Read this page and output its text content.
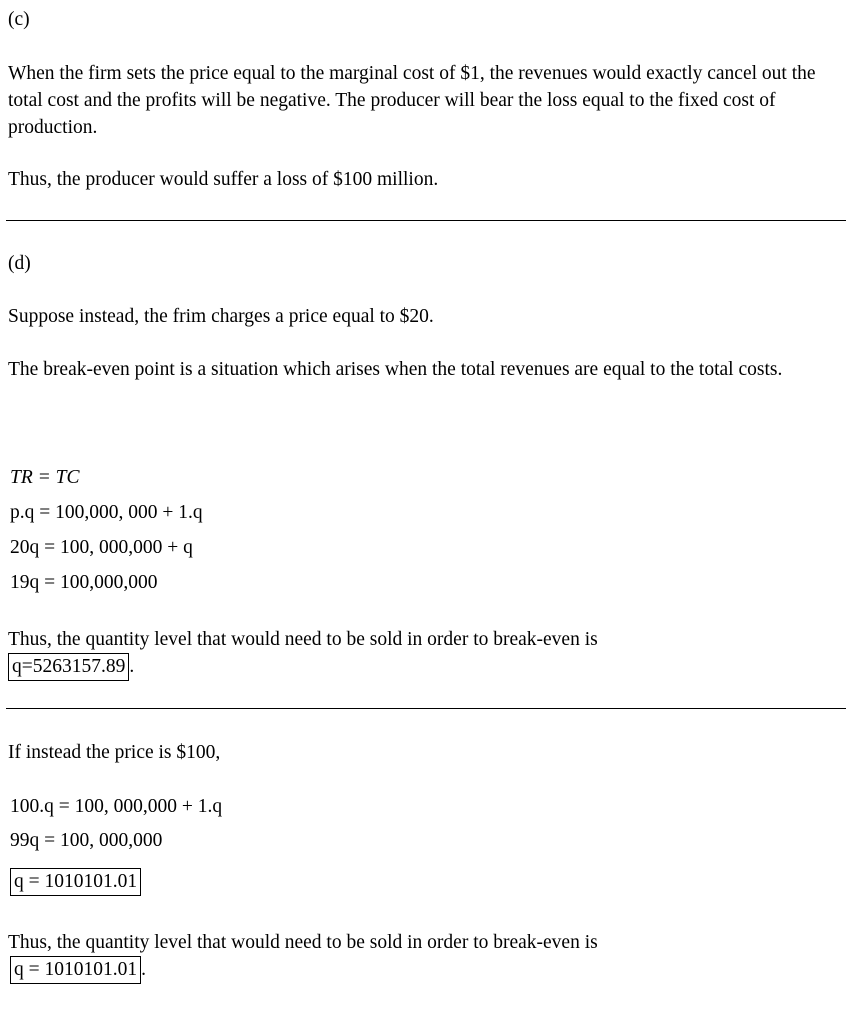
(c)

When the firm sets the price equal to the marginal cost of $1, the revenues would exactly cancel out the total cost and the profits will be negative. The producer will bear the loss equal to the fixed cost of production.

Thus, the producer would suffer a loss of $100 million.

(d)

Suppose instead, the frim charges a price equal to $20.

The break-even point is a situation which arises when the total revenues are equal to the total costs.

TR = TC

p.q = 100,000, 000 + 1.q

20q = 100, 000,000 + q

19q = 100,000,000

Thus, the quantity level that would need to be sold in order to break-even is
q=5263157.89 .

If instead the price is $100,

100.q = 100, 000,000 + 1.q

99q = 100, 000,000

q = 1010101.01

Thus, the quantity level that would need to be sold in order to break-even is
q = 1010101.01 .
